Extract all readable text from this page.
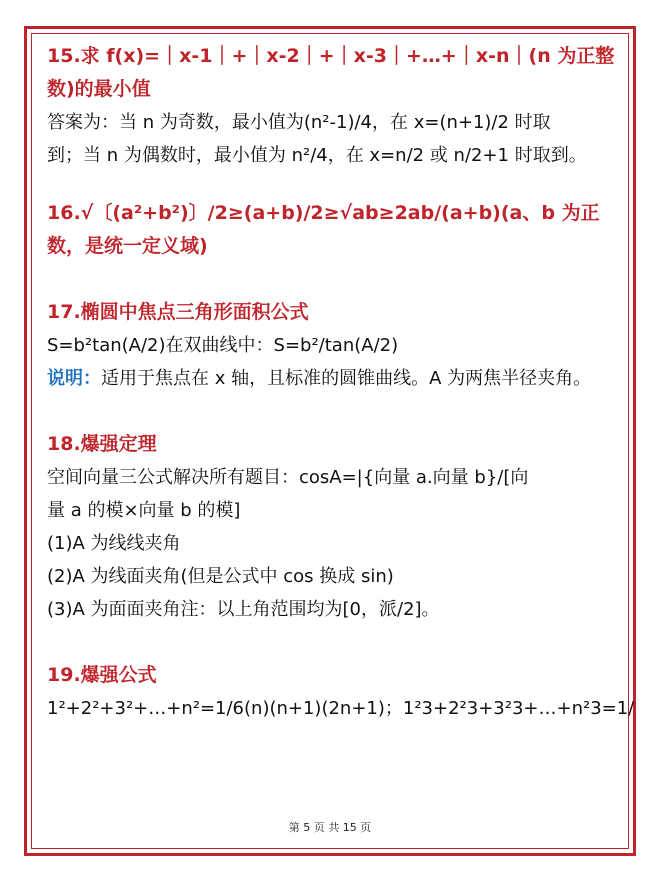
15.求 f(x)=｜x-1｜+｜x-2｜+｜x-3｜+…+｜x-n｜(n 为正整数)的最小值

答案为：当 n 为奇数，最小值为(n²-1)/4，在 x=(n+1)/2 时取

到；当 n 为偶数时，最小值为 n²/4，在 x=n/2 或 n/2+1 时取到。

16.√〔(a²+b²)〕/2≥(a+b)/2≥√ab≥2ab/(a+b)(a、b 为正数，是统一定义域)

17.椭圆中焦点三角形面积公式

S=b²tan(A/2)在双曲线中：S=b²/tan(A/2)

说明：适用于焦点在 x 轴，且标准的圆锥曲线。A 为两焦半径夹角。

18.爆强定理

空间向量三公式解决所有题目：cosA=|{向量 a.向量 b}/[向

量 a 的模×向量 b 的模]

(1)A 为线线夹角

(2)A 为线面夹角(但是公式中 cos 换成 sin)

(3)A 为面面夹角注：以上角范围均为[0，派/2]。

19.爆强公式

1²+2²+3²+…+n²=1/6(n)(n+1)(2n+1)；1²3+2²3+3²3+…+n²3=1/

第 5 页 共 15 页
